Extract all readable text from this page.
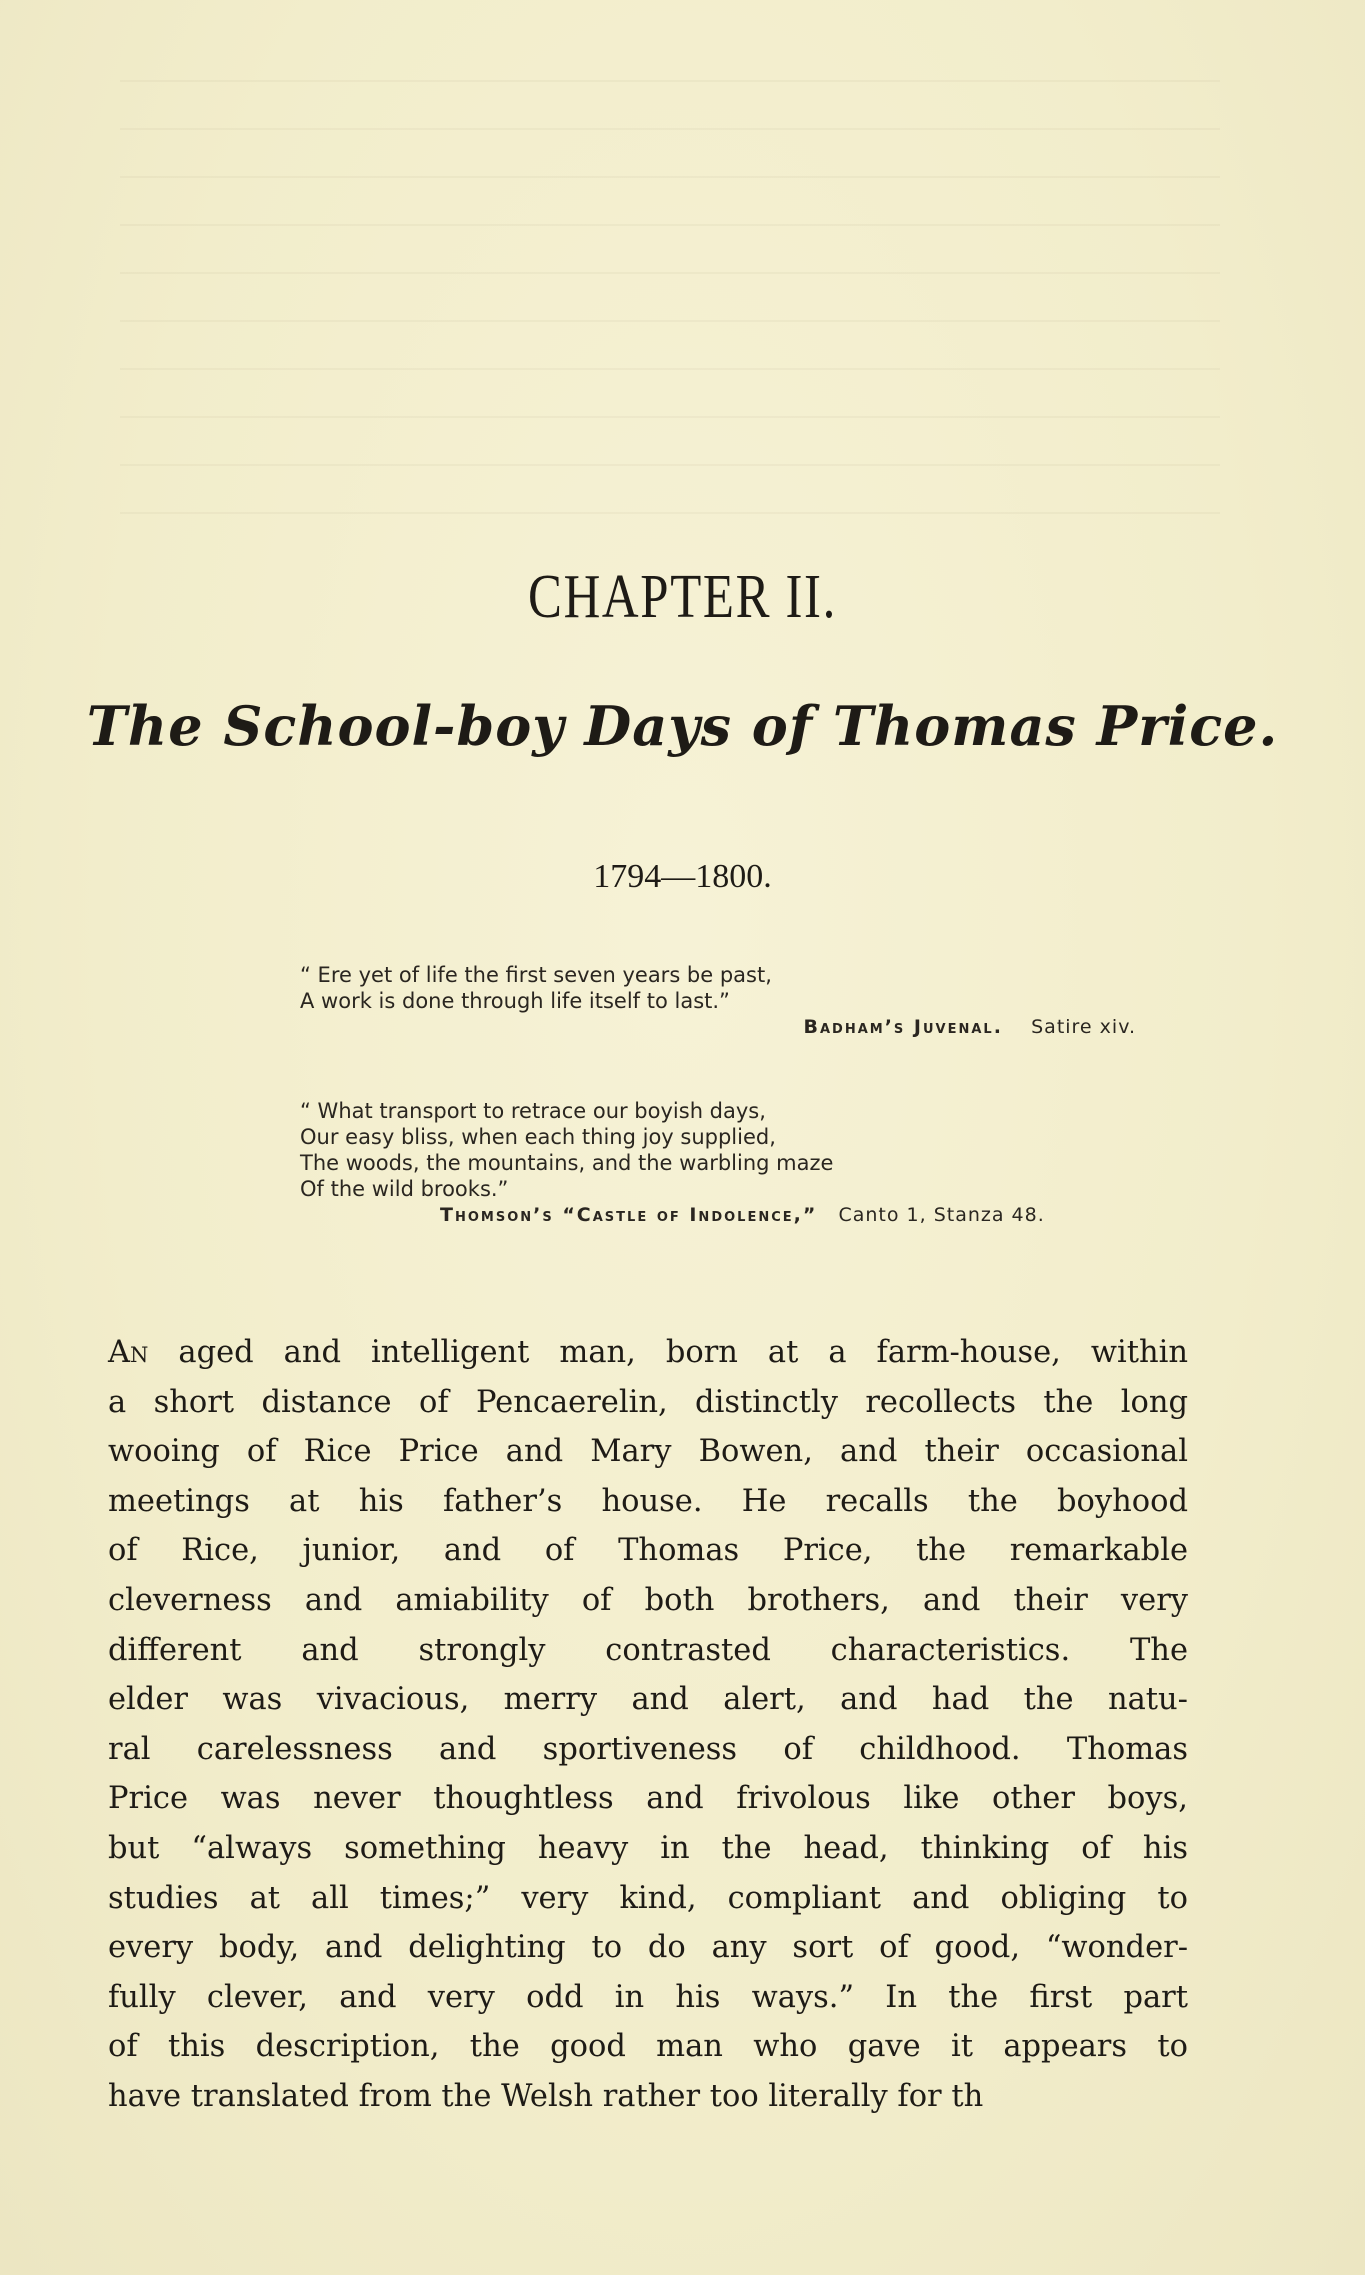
CHAPTER II.
The School-boy Days of Thomas Price.
1794—1800.
“ Ere yet of life the first seven years be past,
A work is done through life itself to last.”
Badham’s Juvenal. Satire xiv.
“ What transport to retrace our boyish days,
Our easy bliss, when each thing joy supplied,
The woods, the mountains, and the warbling maze
Of the wild brooks.”
Thomson’s “Castle of Indolence,” Canto 1, Stanza 48.
An aged and intelligent man, born at a farm-house, within
a short distance of Pencaerelin, distinctly recollects the long
wooing of Rice Price and Mary Bowen, and their occasional
meetings at his father’s house. He recalls the boyhood
of Rice, junior, and of Thomas Price, the remarkable
cleverness and amiability of both brothers, and their very
different and strongly contrasted characteristics. The
elder was vivacious, merry and alert, and had the natu-
ral carelessness and sportiveness of childhood. Thomas
Price was never thoughtless and frivolous like other boys,
but “always something heavy in the head, thinking of his
studies at all times;” very kind, compliant and obliging to
every body, and delighting to do any sort of good, “wonder-
fully clever, and very odd in his ways.” In the first part
of this description, the good man who gave it appears to
have translated from the Welsh rather too literally for th
